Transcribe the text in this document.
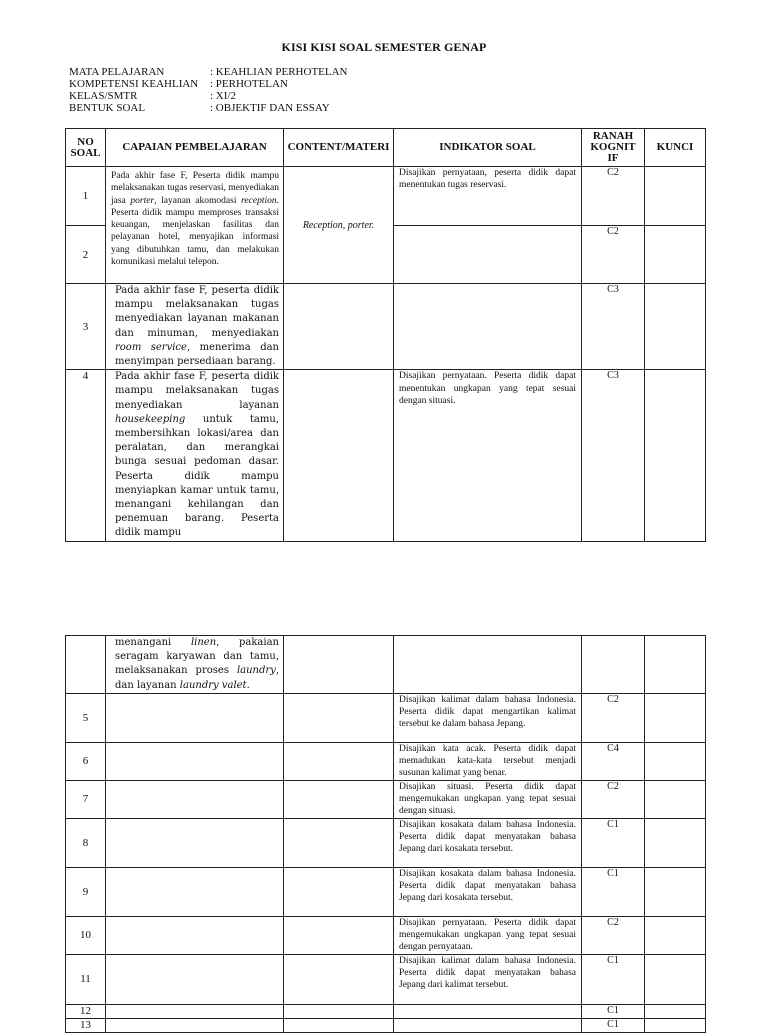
KISI KISI SOAL SEMESTER GENAP
MATA PELAJARAN	: KEAHLIAN PERHOTELAN
KOMPETENSI KEAHLIAN	: PERHOTELAN
KELAS/SMTR	: XI/2
BENTUK SOAL	: OBJEKTIF DAN ESSAY
NO SOAL	CAPAIAN PEMBELAJARAN	CONTENT/MATERI	INDIKATOR SOAL	RANAH KOGNITIF	KUNCI
1	Pada akhir fase F, Peserta didik mampu melaksanakan tugas reservasi, menyediakan jasa porter, layanan akomodasi reception. Peserta didik mampu memproses transaksi keuangan, menjelaskan fasilitas dan pelayanan hotel, menyajikan informasi yang dibutuhkan tamu, dan melakukan komunikasi melalui telepon.	Reception, porter.	Disajikan pernyataan, peserta didik dapat menentukan tugas reservasi.	C2	
2				C2	
3	Pada akhir fase F, peserta didik mampu melaksanakan tugas menyediakan layanan makanan dan minuman, menyediakan room service, menerima dan menyimpan persediaan barang.			C3	
4	Pada akhir fase F, peserta didik mampu melaksanakan tugas menyediakan layanan housekeeping untuk tamu, membersihkan lokasi/area dan peralatan, dan merangkai bunga sesuai pedoman dasar. Peserta didik mampu menyiapkan kamar untuk tamu, menangani kehilangan dan penemuan barang. Peserta didik mampu		Disajikan pernyataan. Peserta didik dapat menentukan ungkapan yang tepat sesuai dengan situasi.	C3	
	menangani linen, pakaian seragam karyawan dan tamu, melaksanakan proses laundry, dan layanan laundry valet.				
5			Disajikan kalimat dalam bahasa Indonesia. Peserta didik dapat mengartikan kalimat tersebut ke dalam bahasa Jepang.	C2	
6			Disajikan kata acak. Peserta didik dapat memadukan kata-kata tersebut menjadi susunan kalimat yang benar.	C4	
7			Disajikan situasi. Peserta didik dapat mengemukakan ungkapan yang tepat sesuai dengan situasi.	C2	
8			Disajikan kosakata dalam bahasa Indonesia. Peserta didik dapat menyatakan bahasa Jepang dari kosakata tersebut.	C1	
9			Disajikan kosakata dalam bahasa Indonesia. Peserta didik dapat menyatakan bahasa Jepang dari kosakata tersebut.	C1	
10			Disajikan pernyataan. Peserta didik dapat mengemukakan ungkapan yang tepat sesuai dengan pernyataan.	C2	
11			Disajikan kalimat dalam bahasa Indonesia. Peserta didik dapat menyatakan bahasa Jepang dari kalimat tersebut.	C1	
12				C1	
13				C1	
